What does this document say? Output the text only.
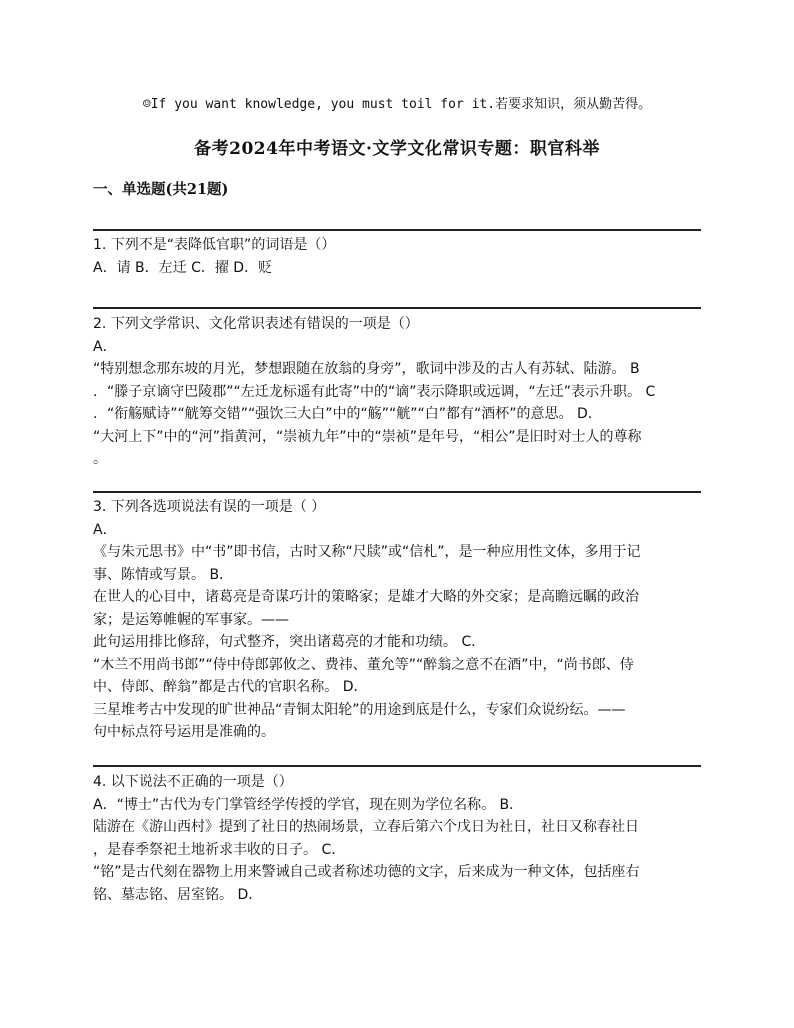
☺If you want knowledge, you must toil for it.若要求知识，须从勤苦得。
备考2024年中考语文·文学文化常识专题：职官科举
一、单选题(共21题)
1. 下列不是“表降低官职”的词语是（）
A．请 B．左迁 C．擢 D．贬
2. 下列文学常识、文化常识表述有错误的一项是（）
A．
“特别想念那东坡的月光，梦想跟随在放翁的身旁”，歌词中涉及的古人有苏轼、陆游。 B
．“滕子京谪守巴陵郡”“左迁龙标遥有此寄”中的“谪”表示降职或远调，“左迁”表示升职。 C
．“衔觞赋诗”“觥筹交错”“强饮三大白”中的“觞”“觥”“白”都有“酒杯”的意思。 D．
“大河上下”中的“河”指黄河，“崇祯九年”中的“崇祯”是年号，“相公”是旧时对士人的尊称
。
3. 下列各选项说法有误的一项是（ ）
A．
《与朱元思书》中“书”即书信，古时又称“尺牍”或“信札”，是一种应用性文体，多用于记
事、陈情或写景。 B．
在世人的心目中，诸葛亮是奇谋巧计的策略家；是雄才大略的外交家；是高瞻远瞩的政治
家；是运筹帷幄的军事家。——
此句运用排比修辞，句式整齐，突出诸葛亮的才能和功绩。 C．
“木兰不用尚书郎”“侍中侍郎郭攸之、费祎、董允等”“醉翁之意不在酒”中，“尚书郎、侍
中、侍郎、醉翁”都是古代的官职名称。 D．
三星堆考古中发现的旷世神品“青铜太阳轮”的用途到底是什么，专家们众说纷纭。——
句中标点符号运用是准确的。
4. 以下说法不正确的一项是（）
A．“博士”古代为专门掌管经学传授的学官，现在则为学位名称。 B．
陆游在《游山西村》提到了社日的热闹场景，立春后第六个戊日为社日，社日又称春社日
，是春季祭祀土地祈求丰收的日子。 C．
“铭”是古代刻在器物上用来警诫自己或者称述功德的文字，后来成为一种文体，包括座右
铭、墓志铭、居室铭。 D．
